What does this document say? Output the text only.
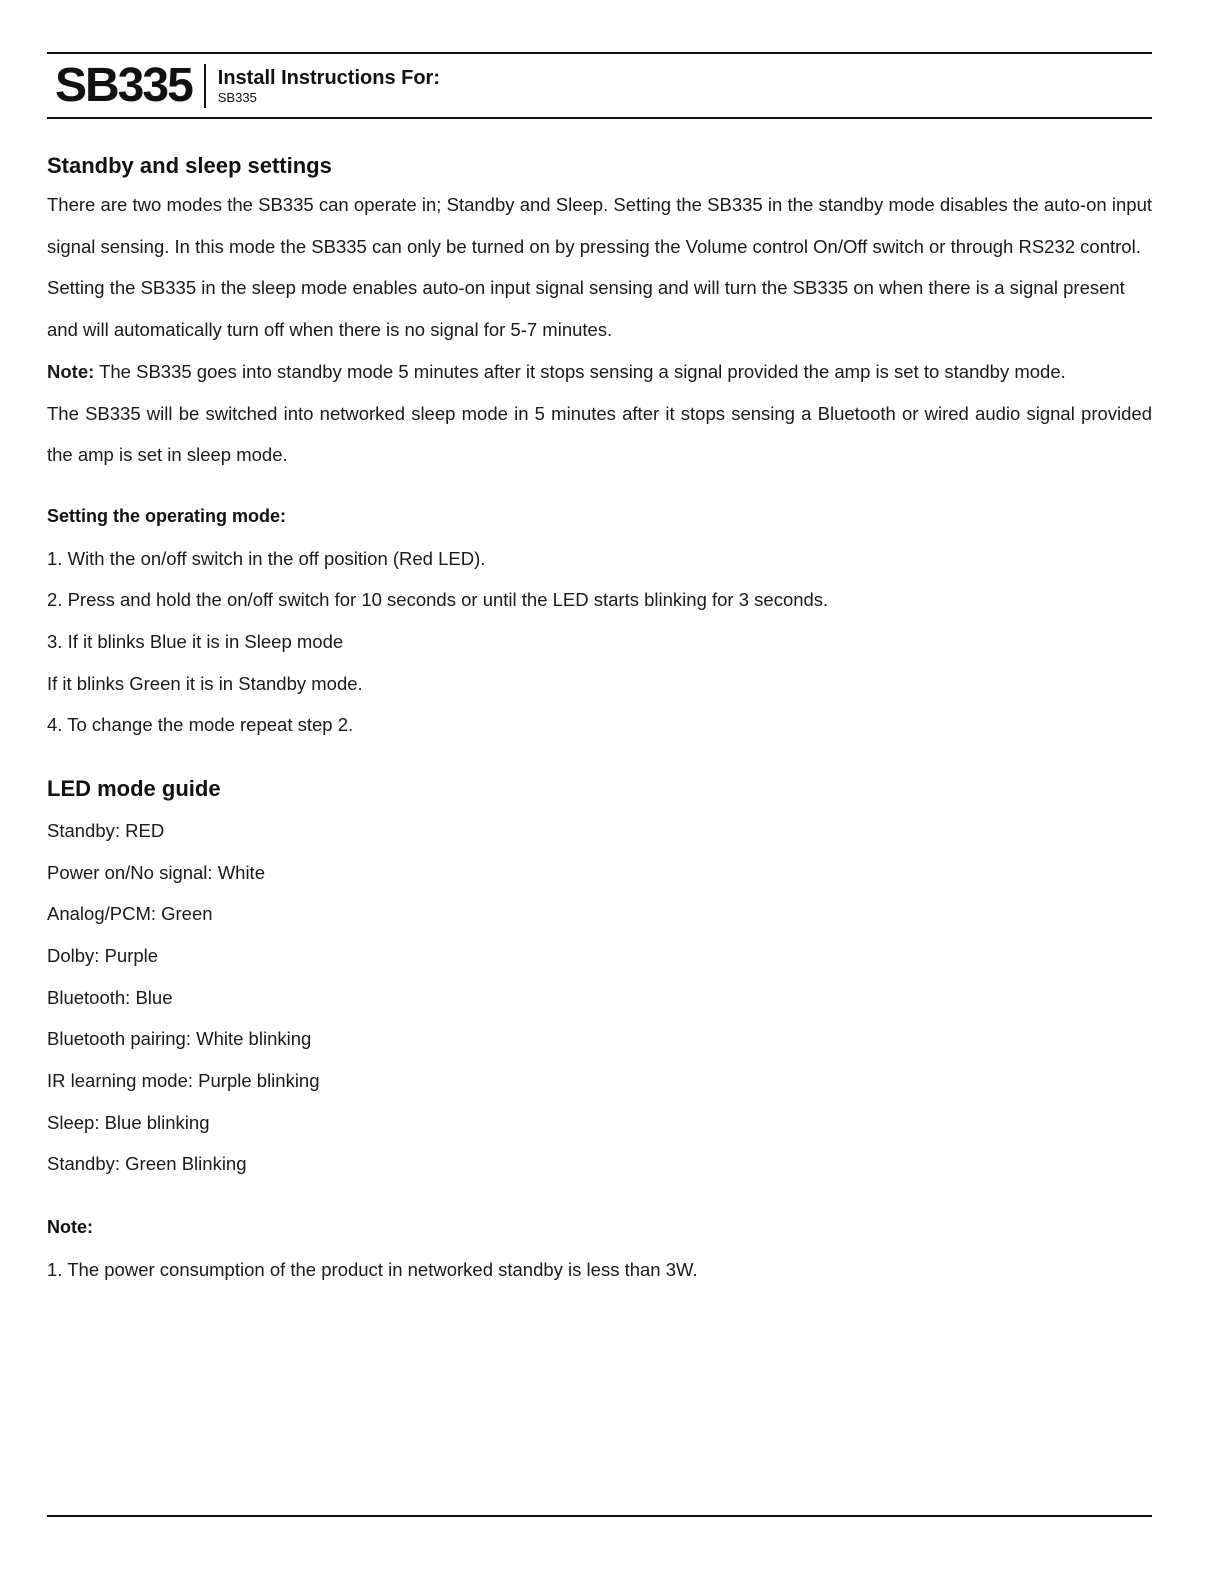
SB335 Install Instructions For:
SB335
Standby and sleep settings

There are two modes the SB335 can operate in; Standby and Sleep. Setting the SB335 in the standby mode disables the auto-on input signal sensing. In this mode the SB335 can only be turned on by pressing the Volume control On/Off switch or through RS232 control.

Setting the SB335 in the sleep mode enables auto-on input signal sensing and will turn the SB335 on when there is a signal present and will automatically turn off when there is no signal for 5-7 minutes.

Note: The SB335 goes into standby mode 5 minutes after it stops sensing a signal provided the amp is set to standby mode.

The SB335 will be switched into networked sleep mode in 5 minutes after it stops sensing a Bluetooth or wired audio signal provided the amp is set in sleep mode.

Setting the operating mode:

1. With the on/off switch in the off position (Red LED).

2. Press and hold the on/off switch for 10 seconds or until the LED starts blinking for 3 seconds.

3. If it blinks Blue it is in Sleep mode

If it blinks Green it is in Standby mode.

4. To change the mode repeat step 2.

LED mode guide

Standby: RED

Power on/No signal: White

Analog/PCM: Green

Dolby: Purple

Bluetooth: Blue

Bluetooth pairing: White blinking

IR learning mode: Purple blinking

Sleep: Blue blinking

Standby: Green Blinking

Note:

1. The power consumption of the product in networked standby is less than 3W.
